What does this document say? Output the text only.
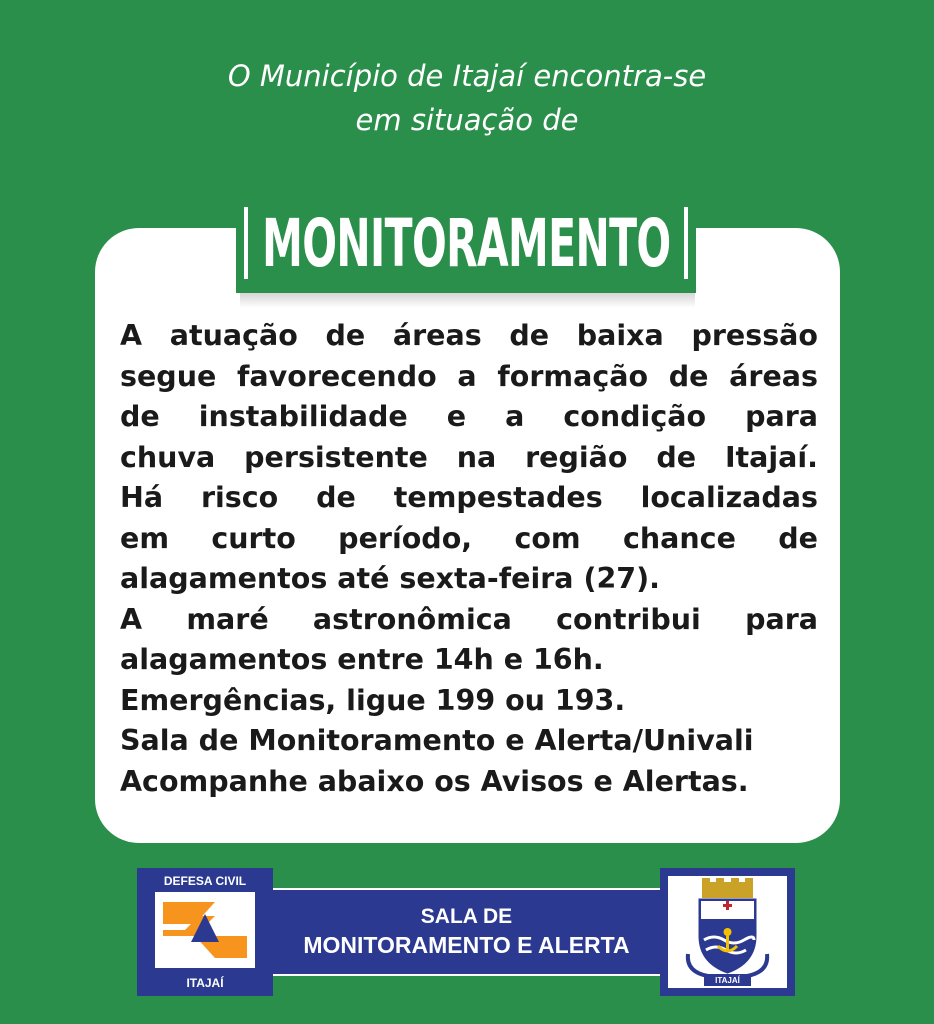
O Município de Itajaí encontra-se
em situação de
MONITORAMENTO
A atuação de áreas de baixa pressão
segue favorecendo a formação de áreas
de instabilidade e a condição para
chuva persistente na região de Itajaí.
Há risco de tempestades localizadas
em curto período, com chance de
alagamentos até sexta-feira (27).
A maré astronômica contribui para
alagamentos entre 14h e 16h.
Emergências, ligue 199 ou 193.
Sala de Monitoramento e Alerta/Univali
Acompanhe abaixo os Avisos e Alertas.
DEFESA CIVIL
ITAJAÍ
SALA DE
MONITORAMENTO E ALERTA
ITAJAÍ
